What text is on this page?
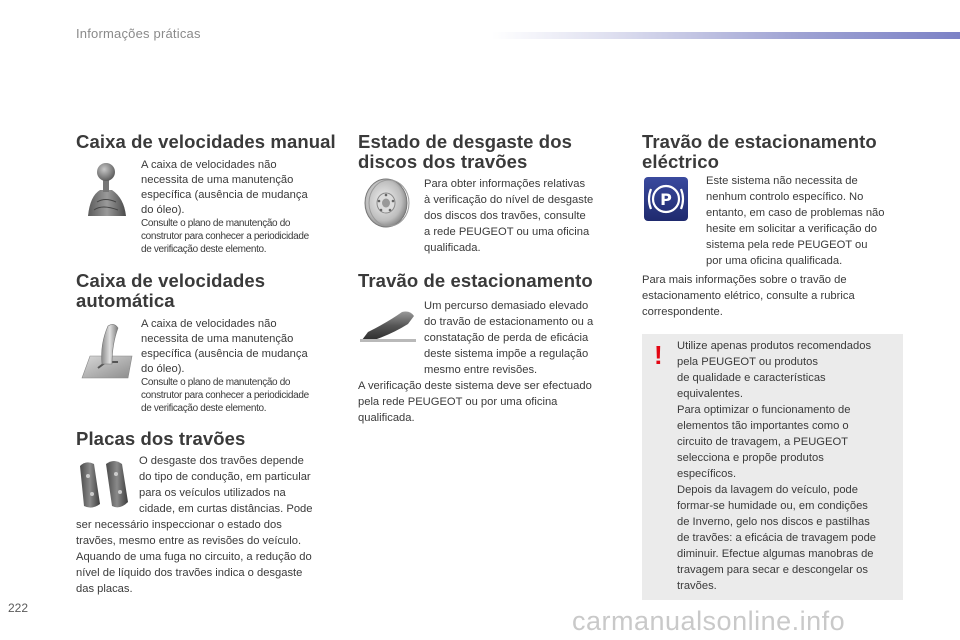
Informações práticas
Caixa de velocidades manual
A caixa de velocidades não
necessita de uma manutenção
específica (ausência de mudança
do óleo).
Consulte o plano de manutenção do
construtor para conhecer a periodicidade
de verificação deste elemento.
Caixa de velocidades
automática
A caixa de velocidades não
necessita de uma manutenção
específica (ausência de mudança
do óleo).
Consulte o plano de manutenção do
construtor para conhecer a periodicidade
de verificação deste elemento.
Placas dos travões
O desgaste dos travões depende
do tipo de condução, em particular
para os veículos utilizados na
cidade, em curtas distâncias. Pode
ser necessário inspeccionar o estado dos
travões, mesmo entre as revisões do veículo.
Aquando de uma fuga no circuito, a redução do
nível de líquido dos travões indica o desgaste
das placas.
Estado de desgaste dos
discos dos travões
Para obter informações relativas
à verificação do nível de desgaste
dos discos dos travões, consulte
a rede PEUGEOT ou uma oficina
qualificada.
Travão de estacionamento
Um percurso demasiado elevado
do travão de estacionamento ou a
constatação de perda de eficácia
deste sistema impõe a regulação
mesmo entre revisões.
A verificação deste sistema deve ser efectuado
pela rede PEUGEOT ou por uma oficina
qualificada.
Travão de estacionamento
eléctrico
P
Este sistema não necessita de
nenhum controlo específico. No
entanto, em caso de problemas não
hesite em solicitar a verificação do
sistema pela rede PEUGEOT ou
por uma oficina qualificada.
Para mais informações sobre o travão de
estacionamento elétrico, consulte a rubrica
correspondente.
! Utilize apenas produtos recomendados
pela PEUGEOT ou produtos
de qualidade e características
equivalentes.
Para optimizar o funcionamento de
elementos tão importantes como o
circuito de travagem, a PEUGEOT
selecciona e propõe produtos
específicos.
Depois da lavagem do veículo, pode
formar-se humidade ou, em condições
de Inverno, gelo nos discos e pastilhas
de travões: a eficácia de travagem pode
diminuir. Efectue algumas manobras de
travagem para secar e descongelar os
travões.
222	carmanualsonline.info
